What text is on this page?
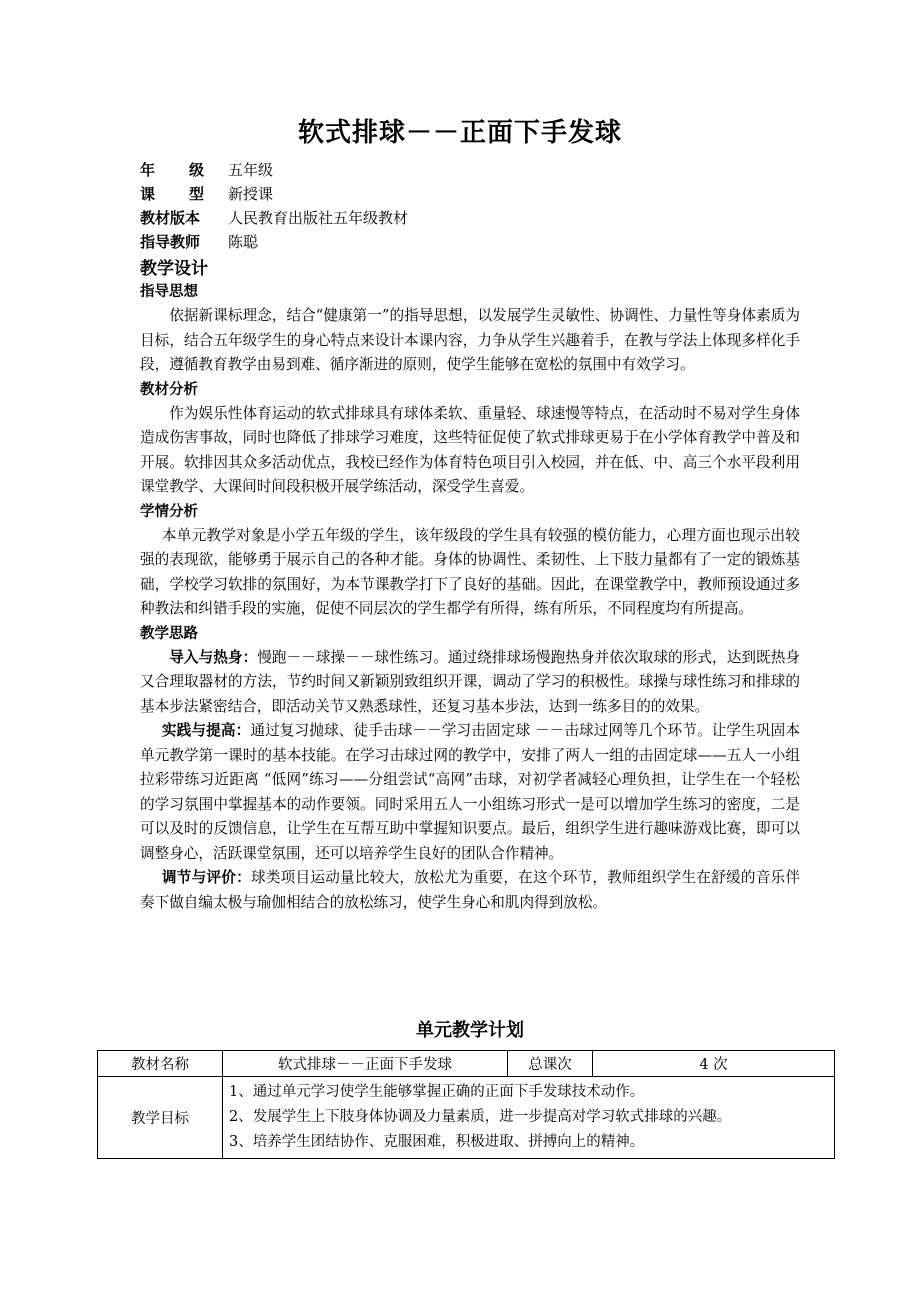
软式排球－－正面下手发球
年级 五年级
课型 新授课
教材版本 人民教育出版社五年级教材
指导教师 陈聪
教学设计
指导思想

依据新课标理念，结合“健康第一”的指导思想，以发展学生灵敏性、协调性、力量性等身体素质为目标，结合五年级学生的身心特点来设计本课内容，力争从学生兴趣着手，在教与学法上体现多样化手段，遵循教育教学由易到难、循序渐进的原则，使学生能够在宽松的氛围中有效学习。

教材分析

作为娱乐性体育运动的软式排球具有球体柔软、重量轻、球速慢等特点，在活动时不易对学生身体造成伤害事故，同时也降低了排球学习难度，这些特征促使了软式排球更易于在小学体育教学中普及和开展。软排因其众多活动优点，我校已经作为体育特色项目引入校园，并在低、中、高三个水平段利用课堂教学、大课间时间段积极开展学练活动，深受学生喜爱。

学情分析

本单元教学对象是小学五年级的学生，该年级段的学生具有较强的模仿能力，心理方面也现示出较强的表现欲，能够勇于展示自己的各种才能。身体的协调性、柔韧性、上下肢力量都有了一定的锻炼基础，学校学习软排的氛围好，为本节课教学打下了良好的基础。因此，在课堂教学中，教师预设通过多种教法和纠错手段的实施，促使不同层次的学生都学有所得，练有所乐，不同程度均有所提高。

教学思路

导入与热身：慢跑－－球操－－球性练习。通过绕排球场慢跑热身并依次取球的形式，达到既热身又合理取器材的方法，节约时间又新颖别致组织开课，调动了学习的积极性。球操与球性练习和排球的基本步法紧密结合，即活动关节又熟悉球性，还复习基本步法，达到一练多目的的效果。

实践与提高：通过复习抛球、徒手击球－－学习击固定球 －－击球过网等几个环节。让学生巩固本单元教学第一课时的基本技能。在学习击球过网的教学中，安排了两人一组的击固定球——五人一小组拉彩带练习近距离 “低网”练习——分组尝试“高网”击球，对初学者减轻心理负担，让学生在一个轻松的学习氛围中掌握基本的动作要领。同时采用五人一小组练习形式一是可以增加学生练习的密度，二是可以及时的反馈信息，让学生在互帮互助中掌握知识要点。最后，组织学生进行趣味游戏比赛，即可以调整身心，活跃课堂氛围，还可以培养学生良好的团队合作精神。

调节与评价：球类项目运动量比较大，放松尤为重要，在这个环节，教师组织学生在舒缓的音乐伴奏下做自编太极与瑜伽相结合的放松练习，使学生身心和肌肉得到放松。

单元教学计划
教材名称	软式排球－－正面下手发球	总课次	4 次
教学目标	1、通过单元学习使学生能够掌握正确的正面下手发球技术动作。
2、发展学生上下肢身体协调及力量素质，进一步提高对学习软式排球的兴趣。
3、培养学生团结协作、克服困难，积极进取、拼搏向上的精神。		
